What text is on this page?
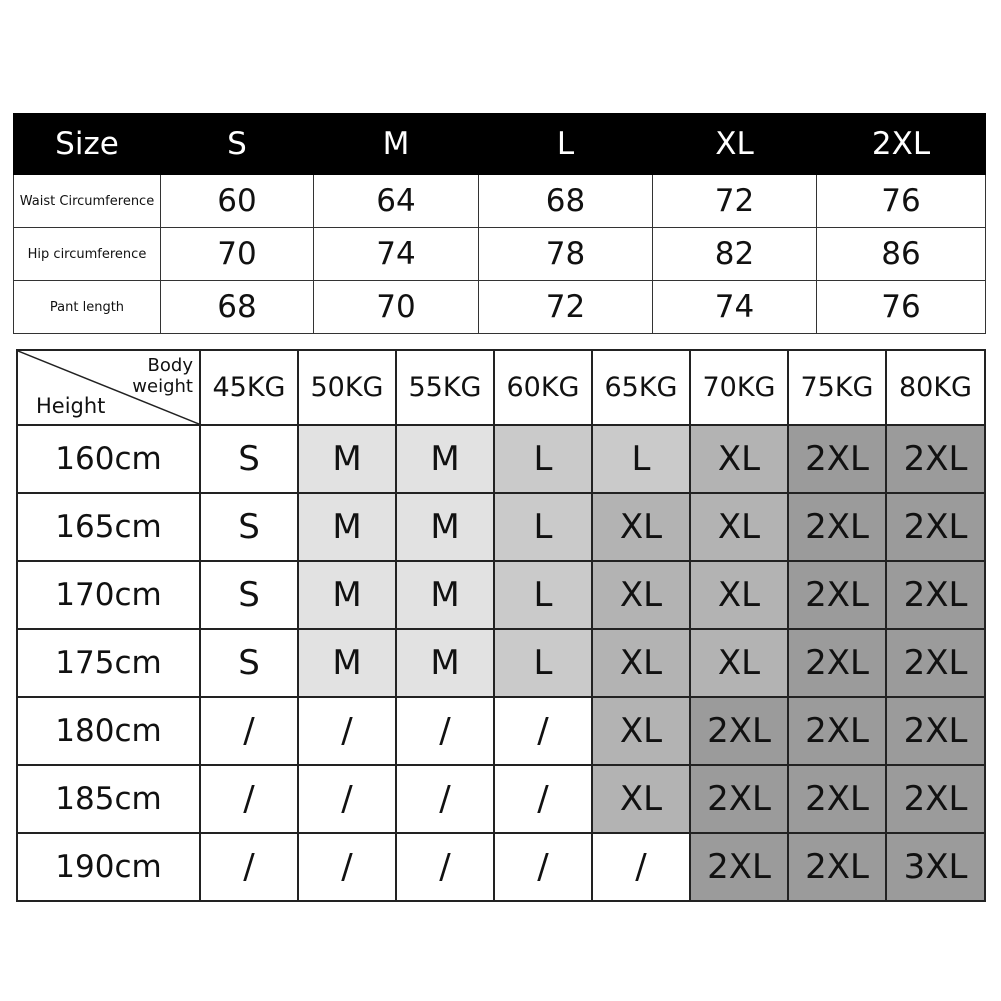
Size	S	M	L	XL	2XL
Waist Circumference	60	64	68	72	76
Hip circumference	70	74	78	82	86
Pant length	68	70	72	74	76
Body
weight
Height	45KG	50KG	55KG	60KG	65KG	70KG	75KG	80KG
160cm	S	M	M	L	L	XL	2XL	2XL
165cm	S	M	M	L	XL	XL	2XL	2XL
170cm	S	M	M	L	XL	XL	2XL	2XL
175cm	S	M	M	L	XL	XL	2XL	2XL
180cm	/	/	/	/	XL	2XL	2XL	2XL
185cm	/	/	/	/	XL	2XL	2XL	2XL
190cm	/	/	/	/	/	2XL	2XL	3XL
